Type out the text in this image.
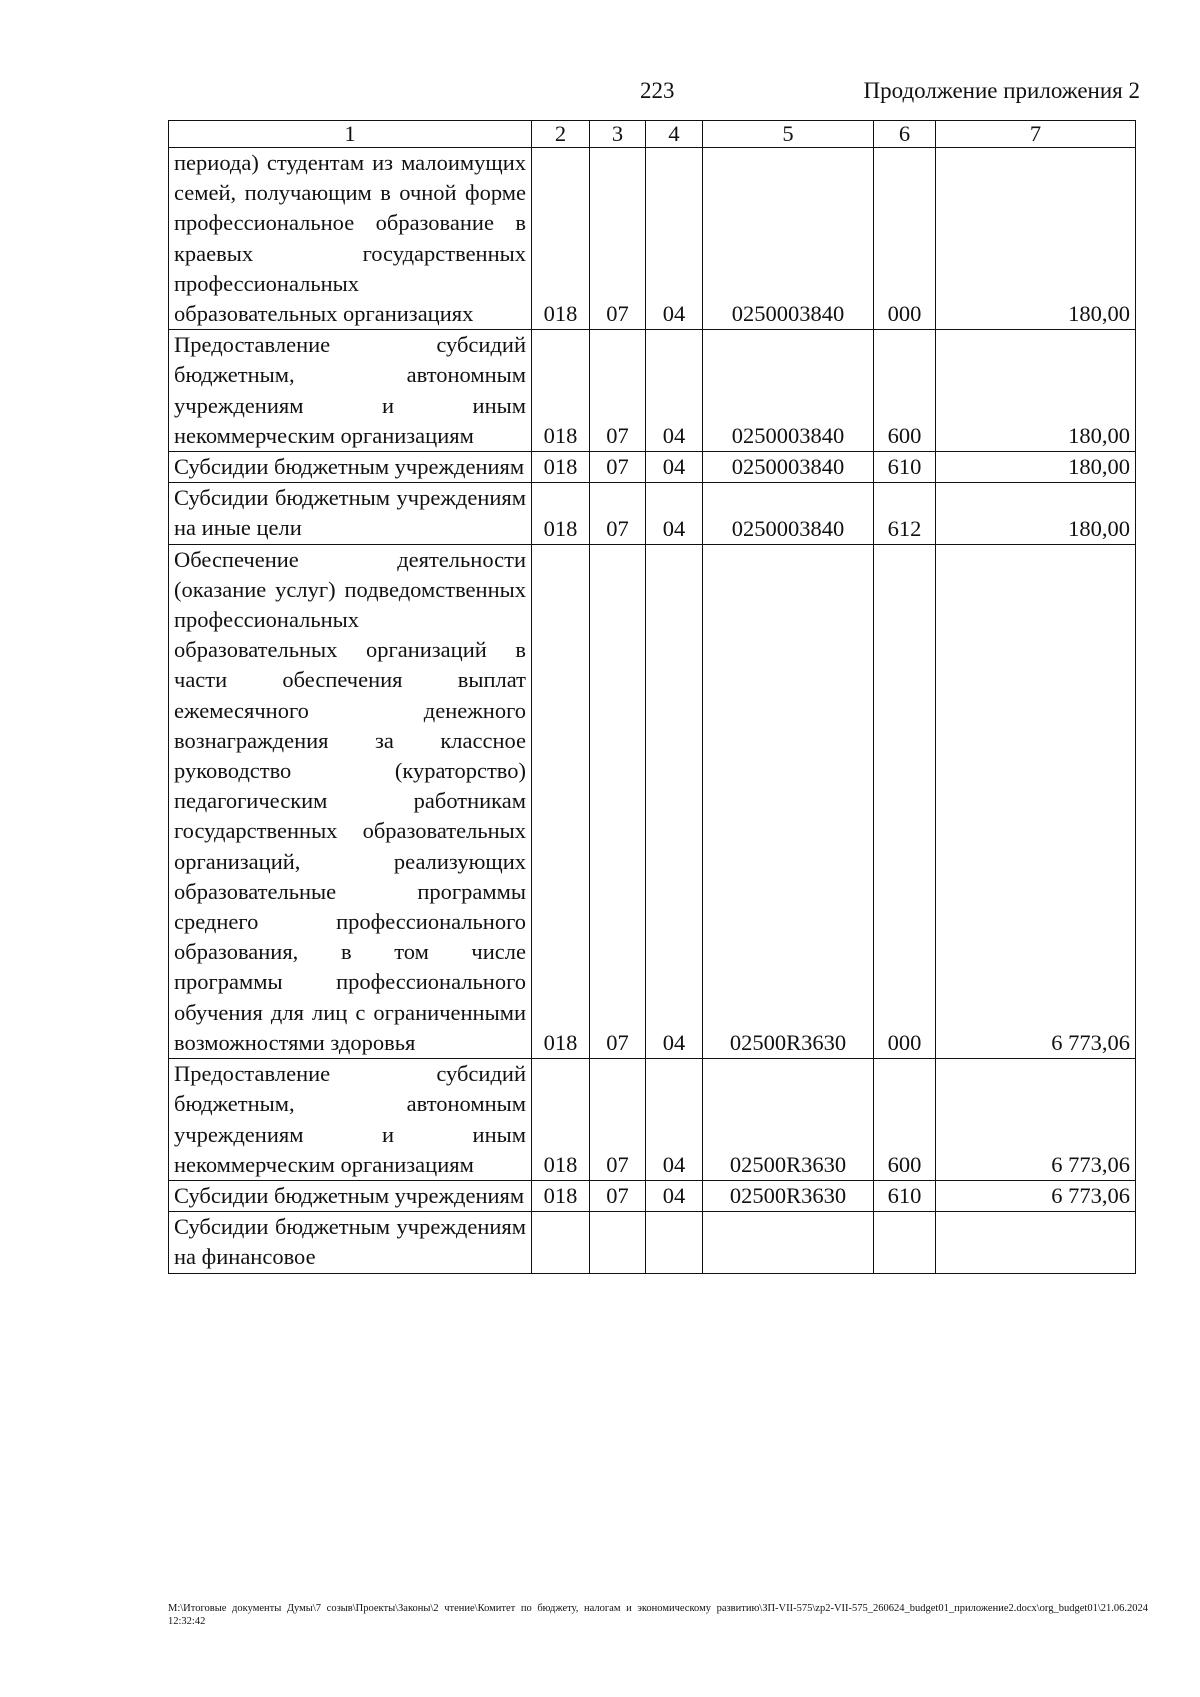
223	Продолжение приложения 2
1	2	3	4	5	6	7
периода) студентам из малоимущих семей, получающим в очной форме профессиональное образование в краевых государственных профессиональных образовательных организациях	018	07	04	0250003840	000	180,00
Предоставление субсидий бюджетным, автономным учреждениям и иным некоммерческим организациям	018	07	04	0250003840	600	180,00
Субсидии бюджетным учреждениям	018	07	04	0250003840	610	180,00
Субсидии бюджетным учреждениям на иные цели	018	07	04	0250003840	612	180,00
Обеспечение деятельности (оказание услуг) подведомственных профессиональных образовательных организаций в части обеспечения выплат ежемесячного денежного вознаграждения за классное руководство (кураторство) педагогическим работникам государственных образовательных организаций, реализующих образовательные программы среднего профессионального образования, в том числе программы профессионального обучения для лиц с ограниченными возможностями здоровья	018	07	04	02500R3630	000	6 773,06
Предоставление субсидий бюджетным, автономным учреждениям и иным некоммерческим организациям	018	07	04	02500R3630	600	6 773,06
Субсидии бюджетным учреждениям	018	07	04	02500R3630	610	6 773,06
Субсидии бюджетным учреждениям на финансовое						
M:\Итоговые документы Думы\7 созыв\Проекты\Законы\2 чтение\Комитет по бюджету, налогам и экономическому развитию\ЗП-VII-575\zp2-VII-575_260624_budget01_приложение2.docx\org_budget01\21.06.2024 12:32:42
